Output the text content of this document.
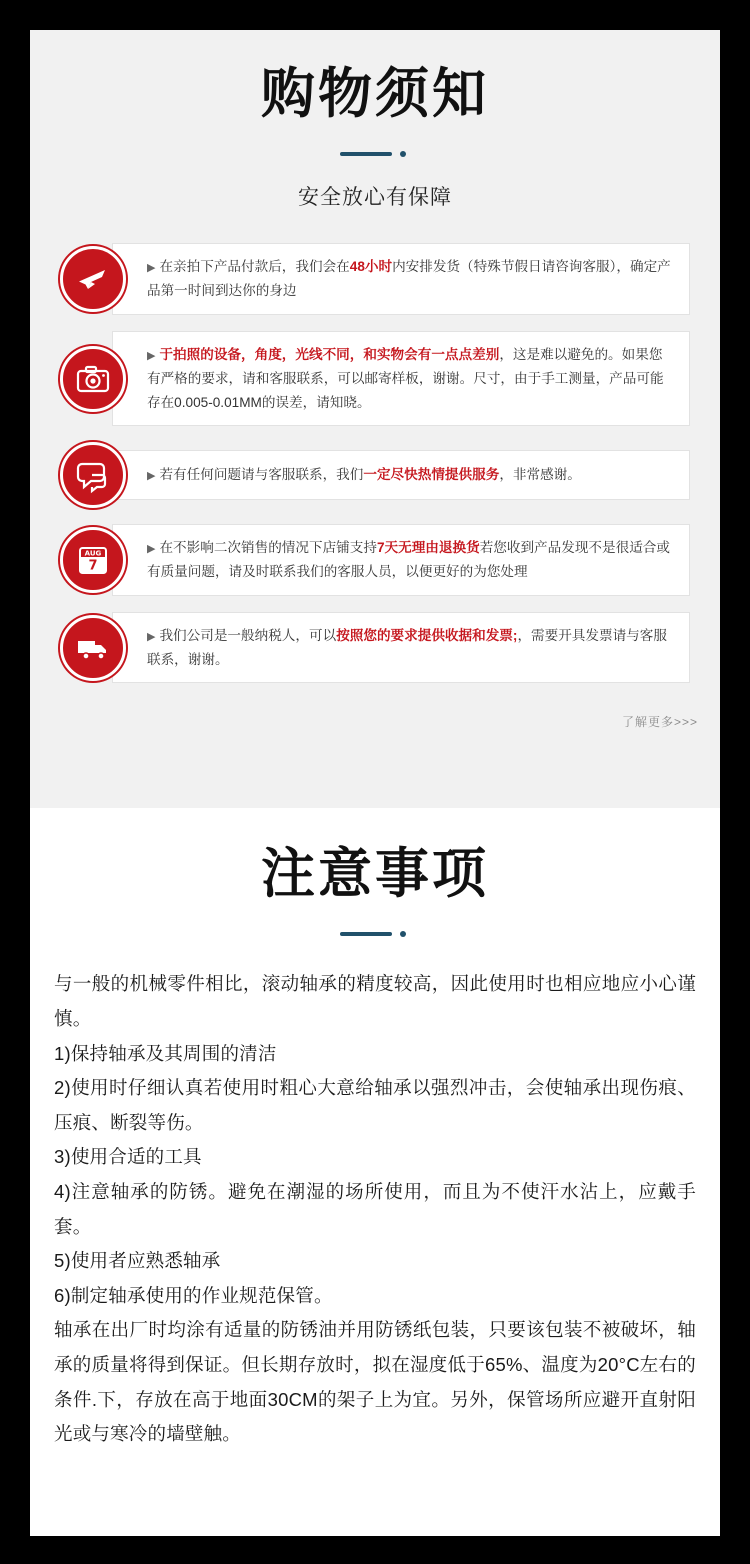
购物须知
安全放心有保障
▶ 在亲拍下产品付款后，我们会在48小时内安排发货（特殊节假日请咨询客服），确定产品第一时间到达你的身边
▶ 于拍照的设备，角度，光线不同，和实物会有一点点差别，这是难以避免的。如果您有严格的要求，请和客服联系，可以邮寄样板，谢谢。尺寸，由于手工测量，产品可能存在0.005-0.01MM的误差，请知晓。
▶ 若有任何问题请与客服联系，我们一定尽快热情提供服务，非常感谢。
AUG
7
▶ 在不影响二次销售的情况下店铺支持7天无理由退换货若您收到产品发现不是很适合或有质量问题，请及时联系我们的客服人员，以便更好的为您处理
▶ 我们公司是一般纳税人，可以按照您的要求提供收据和发票;，需要开具发票请与客服联系，谢谢。
了解更多>>>
注意事项

与一般的机械零件相比，滚动轴承的精度较高，因此使用时也相应地应小心谨慎。

1)保持轴承及其周围的清洁

2)使用时仔细认真若使用时粗心大意给轴承以强烈冲击，会使轴承出现伤痕、压痕、断裂等伤。

3)使用合适的工具

4)注意轴承的防锈。避免在潮湿的场所使用，而且为不使汗水沾上，应戴手套。

5)使用者应熟悉轴承

6)制定轴承使用的作业规范保管。

轴承在出厂时均涂有适量的防锈油并用防锈纸包装，只要该包装不被破坏，轴承的质量将得到保证。但长期存放时，拟在湿度低于65%、温度为20°C左右的条件.下，存放在高于地面30CM的架子上为宜。另外，保管场所应避开直射阳光或与寒冷的墙壁触。
